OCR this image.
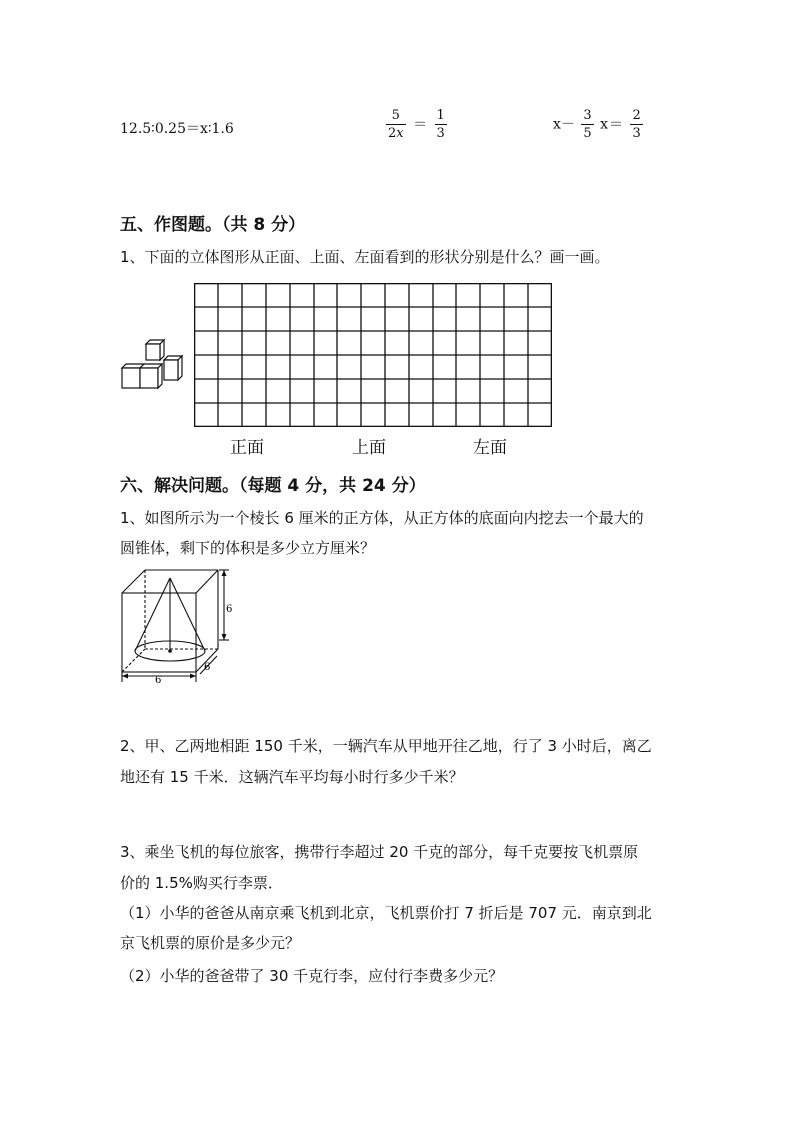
12.5∶0.25＝x∶1.6	$\frac{5}{2x} = \frac{1}{3}$	$x- \frac{3}{5} x= \frac{2}{3}$
五、作图题。（共 8 分）
1、下面的立体图形从正面、上面、左面看到的形状分别是什么？画一画。
正面	上面	左面
六、解决问题。（每题 4 分，共 24 分）
1、如图所示为一个棱长 6 厘米的正方体，从正方体的底面向内挖去一个最大的
圆锥体，剩下的体积是多少立方厘米？
6
6
6
2、甲、乙两地相距 150 千米，一辆汽车从甲地开往乙地，行了 3 小时后，离乙
地还有 15 千米．这辆汽车平均每小时行多少千米？
3、乘坐飞机的每位旅客，携带行李超过 20 千克的部分，每千克要按飞机票原
价的 1.5%购买行李票．
（1）小华的爸爸从南京乘飞机到北京，飞机票价打 7 折后是 707 元．南京到北
京飞机票的原价是多少元？
（2）小华的爸爸带了 30 千克行李，应付行李费多少元？
